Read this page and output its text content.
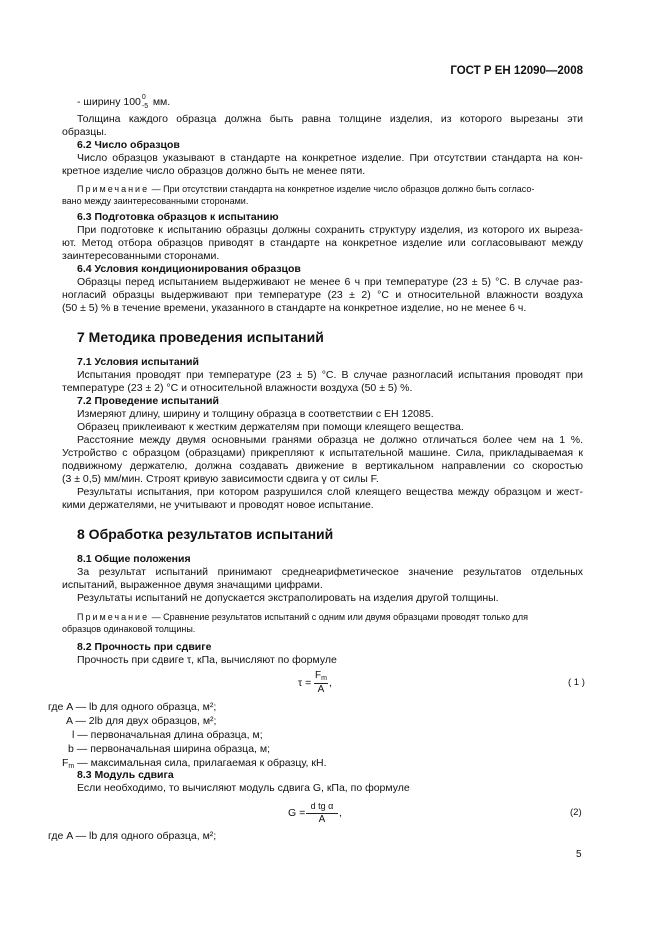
ГОСТ Р ЕН 12090—2008
- ширину 100 0
-5 мм.
Толщина каждого образца должна быть равна толщине изделия, из которого вырезаны эти
образцы.
6.2 Число образцов
Число образцов указывают в стандарте на конкретное изделие. При отсутствии стандарта на кон-
кретное изделие число образцов должно быть не менее пяти.
Примечание — При отсутствии стандарта на конкретное изделие число образцов должно быть согласо-
вано между заинтересованными сторонами.
6.3 Подготовка образцов к испытанию
При подготовке к испытанию образцы должны сохранить структуру изделия, из которого их выреза-
ют. Метод отбора образцов приводят в стандарте на конкретное изделие или согласовывают между
заинтересованными сторонами.
6.4 Условия кондиционирования образцов
Образцы перед испытанием выдерживают не менее 6 ч при температуре (23 ± 5) °С. В случае раз-
ногласий образцы выдерживают при температуре (23 ± 2) °С и относительной влажности воздуха
(50 ± 5) % в течение времени, указанного в стандарте на конкретное изделие, но не менее 6 ч.
7 Методика проведения испытаний
7.1 Условия испытаний
Испытания проводят при температуре (23 ± 5) °С. В случае разногласий испытания проводят при
температуре (23 ± 2) °С и относительной влажности воздуха (50 ± 5) %.
7.2 Проведение испытаний
Измеряют длину, ширину и толщину образца в соответствии с ЕН 12085.
Образец приклеивают к жестким держателям при помощи клеящего вещества.
Расстояние между двумя основными гранями образца не должно отличаться более чем на 1 %.
Устройство с образцом (образцами) прикрепляют к испытательной машине. Сила, прикладываемая к
подвижному держателю, должна создавать движение в вертикальном направлении со скоростью
(3 ± 0,5) мм/мин. Строят кривую зависимости сдвига γ от силы F.
Результаты испытания, при котором разрушился слой клеящего вещества между образцом и жест-
кими держателями, не учитывают и проводят новое испытание.
8 Обработка результатов испытаний
8.1 Общие положения
За результат испытаний принимают среднеарифметическое значение результатов отдельных
испытаний, выраженное двумя значащими цифрами.
Результаты испытаний не допускается экстраполировать на изделия другой толщины.
Примечание — Сравнение результатов испытаний с одним или двумя образцами проводят только для
образцов одинаковой толщины.
8.2 Прочность при сдвиге
Прочность при сдвиге τ, кПа, вычисляют по формуле
τ =
$F_m$
A
,	( 1 )
где A — lb для одного образца, м²;
A — 2lb для двух образцов, м²;
l — первоначальная длина образца, м;
b — первоначальная ширина образца, м;
$F_m$ — максимальная сила, прилагаемая к образцу, кН.
8.3 Модуль сдвига
Если необходимо, то вычисляют модуль сдвига G, кПа, по формуле
G =
d tg α
A
,	(2)
где A — lb для одного образца, м²;
5
